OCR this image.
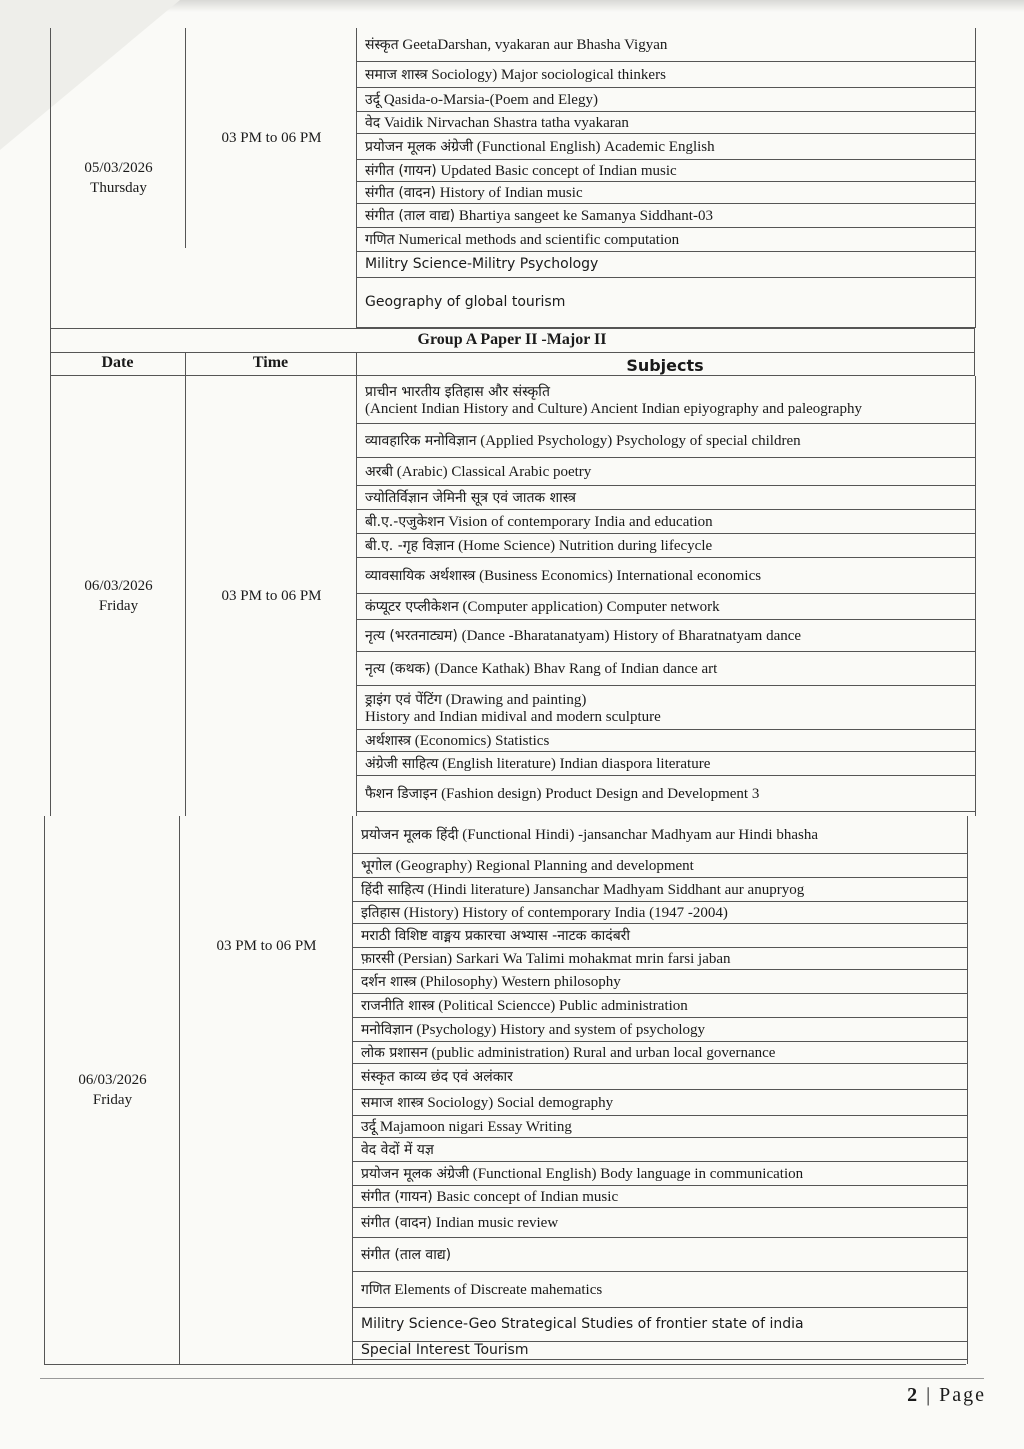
05/03/2026
Thursday
03 PM to 06 PM
संस्कृत GeetaDarshan, vyakaran aur Bhasha Vigyan
समाज शास्त्र Sociology) Major sociological thinkers
उर्दू Qasida-o-Marsia-(Poem and Elegy)
वेद Vaidik Nirvachan Shastra tatha vyakaran
प्रयोजन मूलक अंग्रेजी (Functional English) Academic English
संगीत (गायन) Updated Basic concept of Indian music
संगीत (वादन) History of Indian music
संगीत (ताल वाद्य) Bhartiya sangeet ke Samanya Siddhant-03
गणित Numerical methods and scientific computation
Militry Science-Militry Psychology
Geography of global tourism
Group A Paper II -Major II
Date	Time	Subjects
06/03/2026
Friday
03 PM to 06 PM
प्राचीन भारतीय इतिहास और संस्कृति
(Ancient Indian History and Culture) Ancient Indian epiyography and paleography
व्यावहारिक मनोविज्ञान (Applied Psychology) Psychology of special children
अरबी (Arabic) Classical Arabic poetry
ज्योतिर्विज्ञान जेमिनी सूत्र एवं जातक शास्त्र
बी.ए.-एजुकेशन Vision of contemporary India and education
बी.ए. -गृह विज्ञान (Home Science) Nutrition during lifecycle
व्यावसायिक अर्थशास्त्र (Business Economics) International economics
कंप्यूटर एप्लीकेशन (Computer application) Computer network
नृत्य (भरतनाट्यम) (Dance -Bharatanatyam) History of Bharatnatyam dance
नृत्य (कथक) (Dance Kathak) Bhav Rang of Indian dance art
ड्राइंग एवं पेंटिंग (Drawing and painting)
History and Indian midival and modern sculpture
अर्थशास्त्र (Economics) Statistics
अंग्रेजी साहित्य (English literature) Indian diaspora literature
फैशन डिजाइन (Fashion design) Product Design and Development 3
06/03/2026
Friday
03 PM to 06 PM
प्रयोजन मूलक हिंदी (Functional Hindi) -jansanchar Madhyam aur Hindi bhasha
भूगोल (Geography) Regional Planning and development
हिंदी साहित्य (Hindi literature) Jansanchar Madhyam Siddhant aur anupryog
इतिहास (History) History of contemporary India (1947 -2004)
मराठी विशिष्ट वाङ्मय प्रकारचा अभ्यास -नाटक कादंबरी
फ़ारसी (Persian) Sarkari Wa Talimi mohakmat mrin farsi jaban
दर्शन शास्त्र (Philosophy) Western philosophy
राजनीति शास्त्र (Political Sciencce) Public administration
मनोविज्ञान (Psychology) History and system of psychology
लोक प्रशासन (public administration) Rural and urban local governance
संस्कृत काव्य छंद एवं अलंकार
समाज शास्त्र Sociology) Social demography
उर्दू Majamoon nigari Essay Writing
वेद वेदों में यज्ञ
प्रयोजन मूलक अंग्रेजी (Functional English) Body language in communication
संगीत (गायन) Basic concept of Indian music
संगीत (वादन) Indian music review
संगीत (ताल वाद्य)
गणित Elements of Discreate mahematics
Militry Science-Geo Strategical Studies of frontier state of india
Special Interest Tourism
2 | Page
